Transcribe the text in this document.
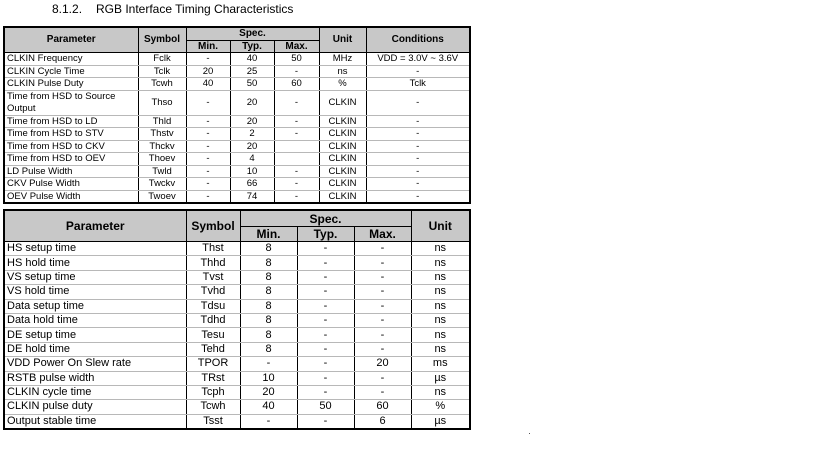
8.1.2. RGB Interface Timing Characteristics
Parameter	Symbol	Spec.			Unit	Conditions
		Min.	Typ.	Max.		
CLKIN Frequency	Fclk	-	40	50	MHz	VDD = 3.0V ~ 3.6V
CLKIN Cycle Time	Tclk	20	25	-	ns	-
CLKIN Pulse Duty	Tcwh	40	50	60	%	Tclk
Time from HSD to Source Output	Thso	-	20	-	CLKIN	-
Time from HSD to LD	Thld	-	20	-	CLKIN	-
Time from HSD to STV	Thstv	-	2	-	CLKIN	-
Time from HSD to CKV	Thckv	-	20		CLKIN	-
Time from HSD to OEV	Thoev	-	4		CLKIN	-
LD Pulse Width	Twld	-	10	-	CLKIN	-
CKV Pulse Width	Twckv	-	66	-	CLKIN	-
OEV Pulse Width	Twoev	-	74	-	CLKIN	-
Parameter	Symbol	Spec.			Unit
		Min.	Typ.	Max.	
HS setup time	Thst	8	-	-	ns
HS hold time	Thhd	8	-	-	ns
VS setup time	Tvst	8	-	-	ns
VS hold time	Tvhd	8	-	-	ns
Data setup time	Tdsu	8	-	-	ns
Data hold time	Tdhd	8	-	-	ns
DE setup time	Tesu	8	-	-	ns
DE hold time	Tehd	8	-	-	ns
VDD Power On Slew rate	TPOR	-	-	20	ms
RSTB pulse width	TRst	10	-	-	µs
CLKIN cycle time	Tcph	20	-	-	ns
CLKIN pulse duty	Tcwh	40	50	60	%
Output stable time	Tsst	-	-	6	µs
